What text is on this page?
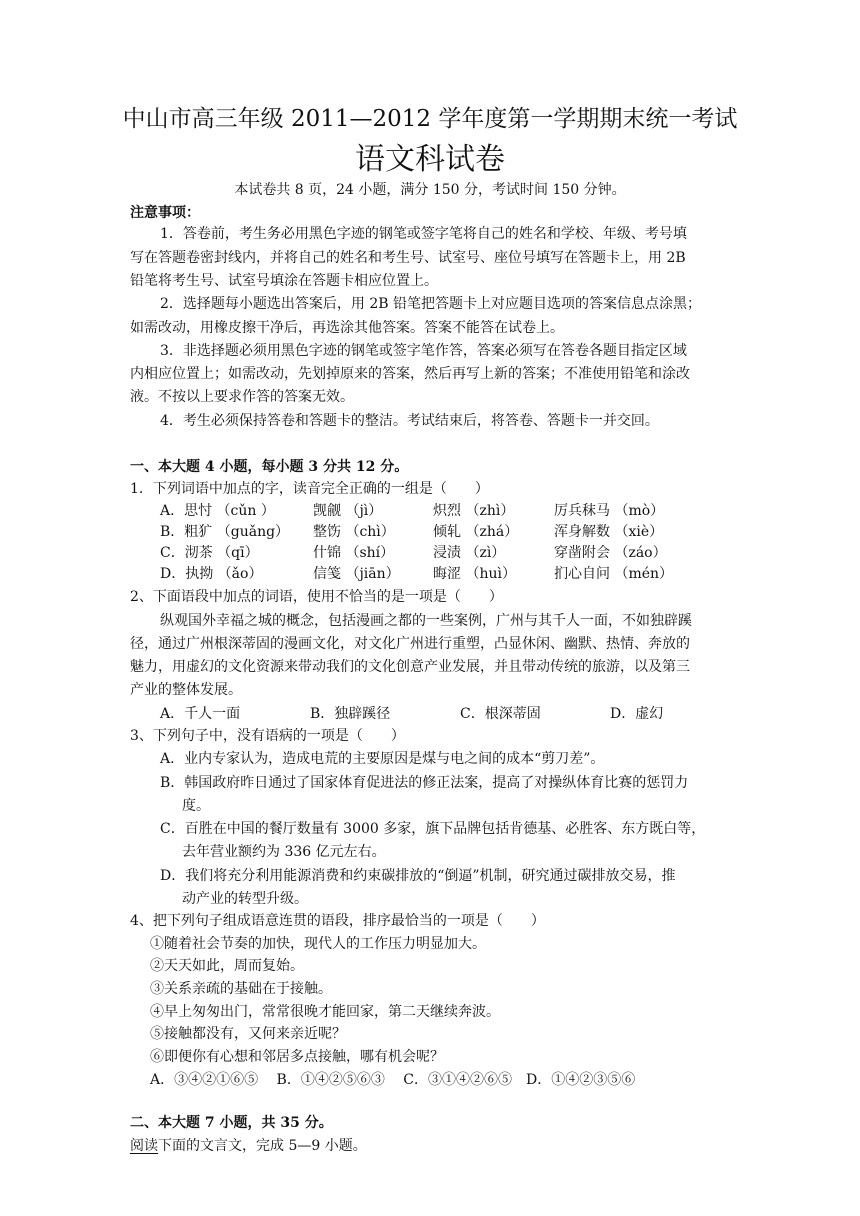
中山市高三年级 2011—2012 学年度第一学期期末统一考试
语文科试卷
本试卷共 8 页，24 小题，满分 150 分，考试时间 150 分钟。
注意事项：
1．答卷前，考生务必用黑色字迹的钢笔或签字笔将自己的姓名和学校、年级、考号填
写在答题卷密封线内，并将自己的姓名和考生号、试室号、座位号填写在答题卡上，用 2B
铅笔将考生号、试室号填涂在答题卡相应位置上。
2．选择题每小题选出答案后，用 2B 铅笔把答题卡上对应题目选项的答案信息点涂黑；
如需改动，用橡皮擦干净后，再选涂其他答案。答案不能答在试卷上。
3．非选择题必须用黑色字迹的钢笔或签字笔作答，答案必须写在答卷各题目指定区域
内相应位置上；如需改动，先划掉原来的答案，然后再写上新的答案；不准使用铅笔和涂改
液。不按以上要求作答的答案无效。
4．考生必须保持答卷和答题卡的整洁。考试结束后，将答卷、答题卡一并交回。
一、本大题 4 小题，每小题 3 分共 12 分。
1．下列词语中加点的字，读音完全正确的一组是（　　）
A．思忖 （cǔn ）	觊觎 （jì）	炽烈 （zhì）	厉兵秣马 （mò）
B．粗犷 （guǎng） 整饬 （chì）	倾轧 （zhá）	浑身解数 （xiè）
C．沏茶 （qī）	什锦 （shí）	浸渍 （zì）	穿凿附会 （záo）
D．执拗 （ǎo）	信笺 （jiān） 晦涩 （huì）	扪心自问 （mén）
2、下面语段中加点的词语，使用不恰当的是一项是（　　）
纵观国外幸福之城的概念，包括漫画之都的一些案例，广州与其千人一面，不如独辟蹊
径，通过广州根深蒂固的漫画文化，对文化广州进行重塑，凸显休闲、幽默、热情、奔放的
魅力，用虚幻的文化资源来带动我们的文化创意产业发展，并且带动传统的旅游，以及第三
产业的整体发展。
A．千人一面	B．独辟蹊径	C．根深蒂固	D．虚幻
3、下列句子中，没有语病的一项是（　　）
A．业内专家认为，造成电荒的主要原因是煤与电之间的成本“剪刀差”。
B．韩国政府昨日通过了国家体育促进法的修正法案，提高了对操纵体育比赛的惩罚力
度。
C．百胜在中国的餐厅数量有 3000 多家，旗下品牌包括肯德基、必胜客、东方既白等，
去年营业额约为 336 亿元左右。
D．我们将充分利用能源消费和约束碳排放的“倒逼”机制，研究通过碳排放交易，推
动产业的转型升级。
4、把下列句子组成语意连贯的语段，排序最恰当的一项是（　　）
①随着社会节奏的加快，现代人的工作压力明显加大。
②天天如此，周而复始。
③关系亲疏的基础在于接触。
④早上匆匆出门，常常很晚才能回家，第二天继续奔波。
⑤接触都没有，又何来亲近呢？
⑥即便你有心想和邻居多点接触，哪有机会呢？
A．③④②①⑥⑤　 B．①④②⑤⑥③　 C．③①④②⑥⑤　D．①④②③⑤⑥
二、本大题 7 小题，共 35 分。
阅读下面的文言文，完成 5—9 小题。
